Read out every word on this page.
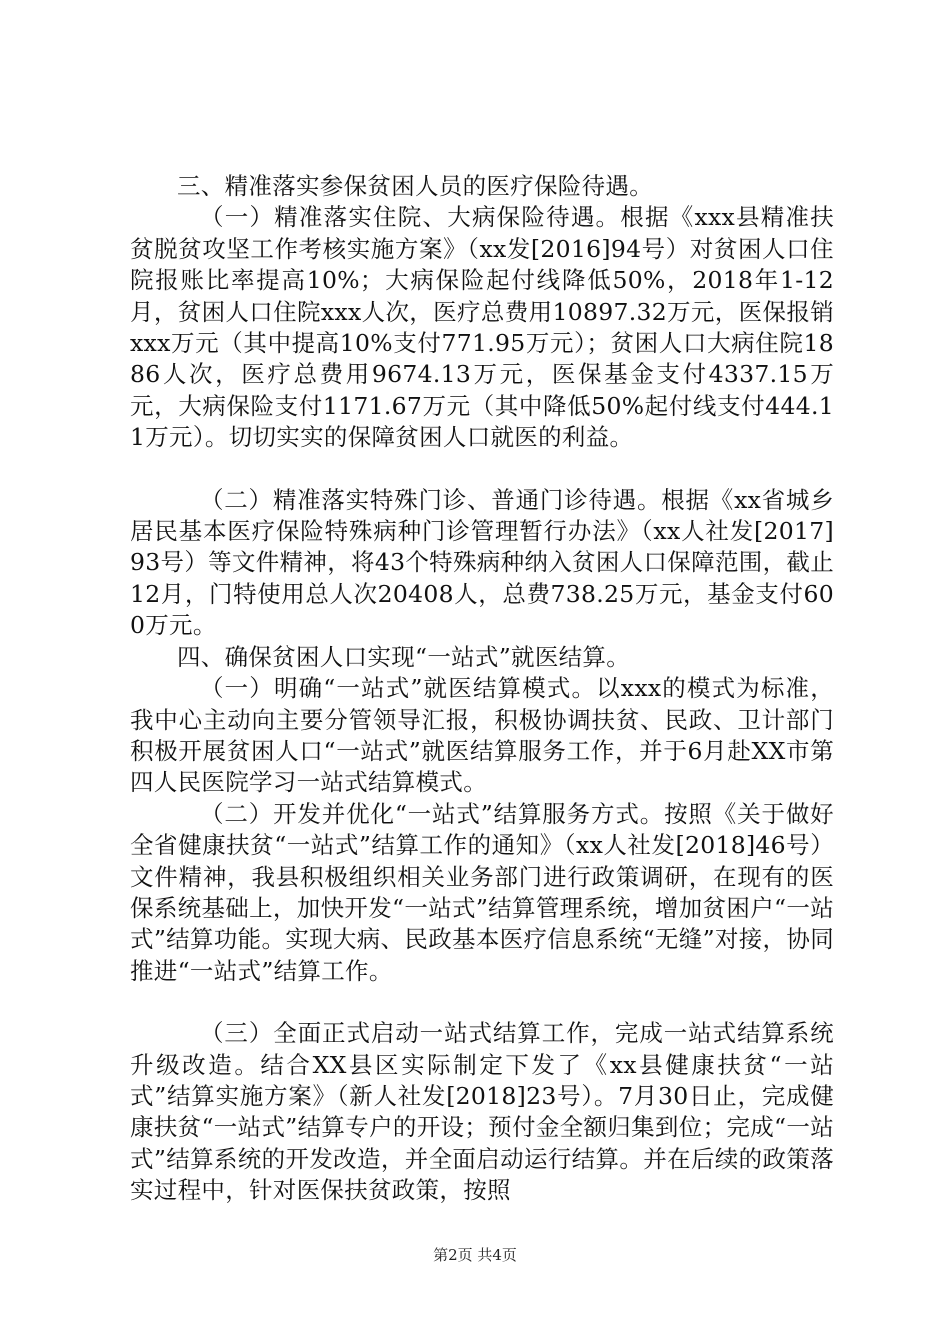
三、精准落实参保贫困人员的医疗保险待遇。

（一）精准落实住院、大病保险待遇。根据《xxx县精准扶贫脱贫攻坚工作考核实施方案》（xx发[2016]94号）对贫困人口住院报账比率提高10%；大病保险起付线降低50%，2018年1-12月，贫困人口住院xxx人次，医疗总费用10897.32万元，医保报销xxx万元（其中提高10%支付771.95万元）；贫困人口大病住院1886人次，医疗总费用9674.13万元，医保基金支付4337.15万元，大病保险支付1171.67万元（其中降低50%起付线支付444.11万元）。切切实实的保障贫困人口就医的利益。

（二）精准落实特殊门诊、普通门诊待遇。根据《xx省城乡居民基本医疗保险特殊病种门诊管理暂行办法》（xx人社发[2017]93号）等文件精神，将43个特殊病种纳入贫困人口保障范围，截止12月，门特使用总人次20408人，总费738.25万元，基金支付600万元。

四、确保贫困人口实现“一站式”就医结算。

（一）明确“一站式”就医结算模式。以xxx的模式为标准，我中心主动向主要分管领导汇报，积极协调扶贫、民政、卫计部门积极开展贫困人口“一站式”就医结算服务工作，并于6月赴XX市第四人民医院学习一站式结算模式。

（二）开发并优化“一站式”结算服务方式。按照《关于做好全省健康扶贫“一站式”结算工作的通知》（xx人社发[2018]46号）文件精神，我县积极组织相关业务部门进行政策调研，在现有的医保系统基础上，加快开发“一站式”结算管理系统，增加贫困户“一站式”结算功能。实现大病、民政基本医疗信息系统“无缝”对接，协同推进“一站式”结算工作。

（三）全面正式启动一站式结算工作，完成一站式结算系统升级改造。结合XX县区实际制定下发了《xx县健康扶贫“一站式”结算实施方案》（新人社发[2018]23号）。7月30日止，完成健康扶贫“一站式”结算专户的开设；预付金全额归集到位；完成“一站式”结算系统的开发改造，并全面启动运行结算。并在后续的政策落实过程中，针对医保扶贫政策，按照

第2页 共4页
